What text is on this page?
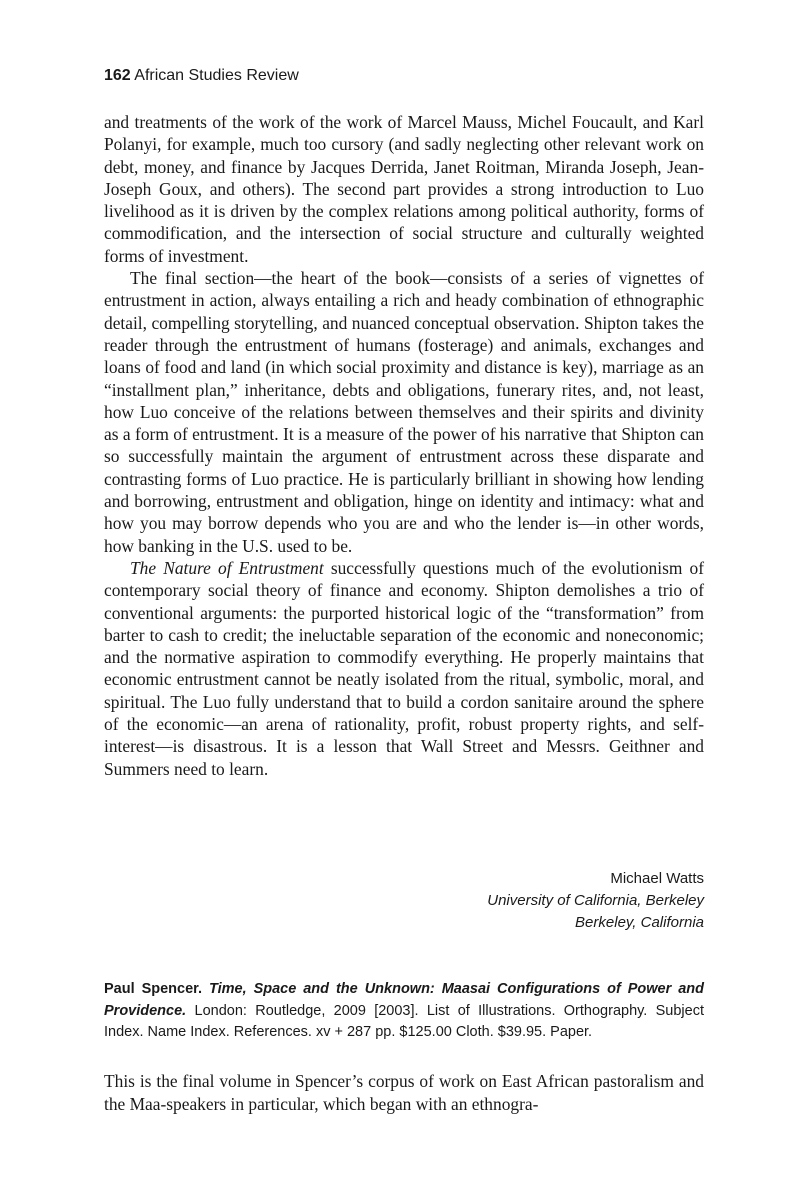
162 African Studies Review

and treatments of the work of the work of Marcel Mauss, Michel Foucault, and Karl Polanyi, for example, much too cursory (and sadly neglecting other relevant work on debt, money, and finance by Jacques Derrida, Janet Roitman, Miranda Joseph, Jean-Joseph Goux, and others). The second part provides a strong introduction to Luo livelihood as it is driven by the complex relations among political authority, forms of commodification, and the intersection of social structure and culturally weighted forms of investment.

The final section—the heart of the book—consists of a series of vignettes of entrustment in action, always entailing a rich and heady combination of ethnographic detail, compelling storytelling, and nuanced conceptual observation. Shipton takes the reader through the entrustment of humans (fosterage) and animals, exchanges and loans of food and land (in which social proximity and distance is key), marriage as an “installment plan,” inheritance, debts and obligations, funerary rites, and, not least, how Luo conceive of the relations between themselves and their spirits and divinity as a form of entrustment. It is a measure of the power of his narrative that Shipton can so successfully maintain the argument of entrustment across these disparate and contrasting forms of Luo practice. He is particularly brilliant in showing how lending and borrowing, entrustment and obligation, hinge on identity and intimacy: what and how you may borrow depends who you are and who the lender is—in other words, how banking in the U.S. used to be.

The Nature of Entrustment successfully questions much of the evolutionism of contemporary social theory of finance and economy. Shipton demolishes a trio of conventional arguments: the purported historical logic of the “transformation” from barter to cash to credit; the ineluctable separation of the economic and noneconomic; and the normative aspiration to commodify everything. He properly maintains that economic entrustment cannot be neatly isolated from the ritual, symbolic, moral, and spiritual. The Luo fully understand that to build a cordon sanitaire around the sphere of the economic—an arena of rationality, profit, robust property rights, and self-interest—is disastrous. It is a lesson that Wall Street and Messrs. Geithner and Summers need to learn.

Michael Watts
University of California, Berkeley
Berkeley, California
Paul Spencer. Time, Space and the Unknown: Maasai Configurations of Power and Providence. London: Routledge, 2009 [2003]. List of Illustrations. Orthography. Subject Index. Name Index. References. xv + 287 pp. $125.00 Cloth. $39.95. Paper.

This is the final volume in Spencer’s corpus of work on East African pastoralism and the Maa-speakers in particular, which began with an ethnogra-
